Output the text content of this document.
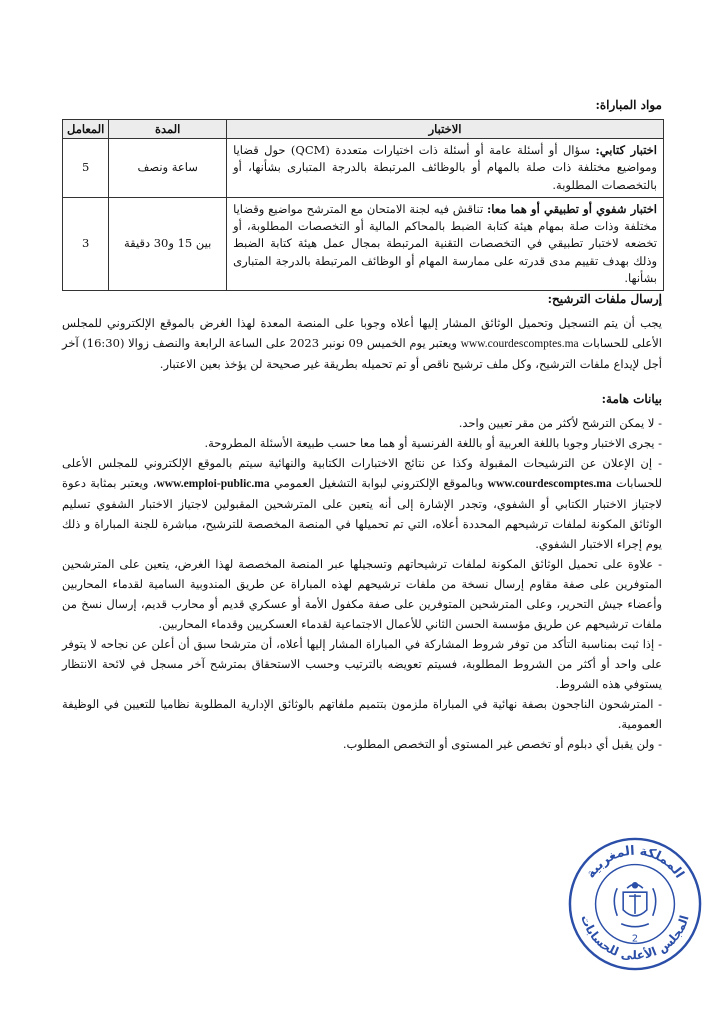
مواد المباراة:
الاختبار	المدة	المعامل
اختبار كتابي: سؤال أو أسئلة عامة أو أسئلة ذات اختيارات متعددة (QCM) حول قضايا ومواضيع مختلفة ذات صلة بالمهام أو بالوظائف المرتبطة بالدرجة المتبارى بشأنها، أو بالتخصصات المطلوبة.	ساعة ونصف	5
اختبار شفوي أو تطبيقي أو هما معا: تناقش فيه لجنة الامتحان مع المترشح مواضيع وقضايا مختلفة وذات صلة بمهام هيئة كتابة الضبط بالمحاكم المالية أو التخصصات المطلوبة، أو تخضعه لاختبار تطبيقي في التخصصات التقنية المرتبطة بمجال عمل هيئة كتابة الضبط وذلك بهدف تقييم مدى قدرته على ممارسة المهام أو الوظائف المرتبطة بالدرجة المتبارى بشأنها.	بين 15 و30 دقيقة	3
إرسال ملفات الترشيح:
يجب أن يتم التسجيل وتحميل الوثائق المشار إليها أعلاه وجوبا على المنصة المعدة لهذا الغرض بالموقع الإلكتروني للمجلس الأعلى للحسابات www.courdescomptes.ma ويعتبر يوم الخميس 09 نونبر 2023 على الساعة الرابعة والنصف زوالا (16:30) آخر أجل لإيداع ملفات الترشيح، وكل ملف ترشيح ناقص أو تم تحميله بطريقة غير صحيحة لن يؤخذ بعين الاعتبار.
بيانات هامة:
- لا يمكن الترشح لأكثر من مقر تعيين واحد.
- يجرى الاختبار وجوبا باللغة العربية أو باللغة الفرنسية أو هما معا حسب طبيعة الأسئلة المطروحة.
- إن الإعلان عن الترشيحات المقبولة وكذا عن نتائج الاختبارات الكتابية والنهائية سيتم بالموقع الإلكتروني للمجلس الأعلى للحسابات www.courdescomptes.ma وبالموقع الإلكتروني لبوابة التشغيل العمومي www.emploi-public.ma، ويعتبر بمثابة دعوة لاجتياز الاختبار الكتابي أو الشفوي، وتجدر الإشارة إلى أنه يتعين على المترشحين المقبولين لاجتياز الاختبار الشفوي تسليم الوثائق المكونة لملفات ترشيحهم المحددة أعلاه، التي تم تحميلها في المنصة المخصصة للترشيح، مباشرة للجنة المباراة و ذلك يوم إجراء الاختبار الشفوي.
- علاوة على تحميل الوثائق المكونة لملفات ترشيحاتهم وتسجيلها عبر المنصة المخصصة لهذا الغرض، يتعين على المترشحين المتوفرين على صفة مقاوم إرسال نسخة من ملفات ترشيحهم لهذه المباراة عن طريق المندوبية السامية لقدماء المحاربين وأعضاء جيش التحرير، وعلى المترشحين المتوفرين على صفة مكفول الأمة أو عسكري قديم أو محارب قديم، إرسال نسخ من ملفات ترشيحهم عن طريق مؤسسة الحسن الثاني للأعمال الاجتماعية لقدماء العسكريين وقدماء المحاربين.
- إذا ثبت بمناسبة التأكد من توفر شروط المشاركة في المباراة المشار إليها أعلاه، أن مترشحا سبق أن أعلن عن نجاحه لا يتوفر على واحد أو أكثر من الشروط المطلوبة، فسيتم تعويضه بالترتيب وحسب الاستحقاق بمترشح آخر مسجل في لائحة الانتظار يستوفي هذه الشروط.
- المترشحون الناجحون بصفة نهائية في المباراة ملزمون بتتميم ملفاتهم بالوثائق الإدارية المطلوبة نظاميا للتعيين في الوظيفة العمومية.
- ولن يقبل أي دبلوم أو تخصص غير المستوى أو التخصص المطلوب.
المملكة المغربية
المجلس الأعلى للحسابات
2
